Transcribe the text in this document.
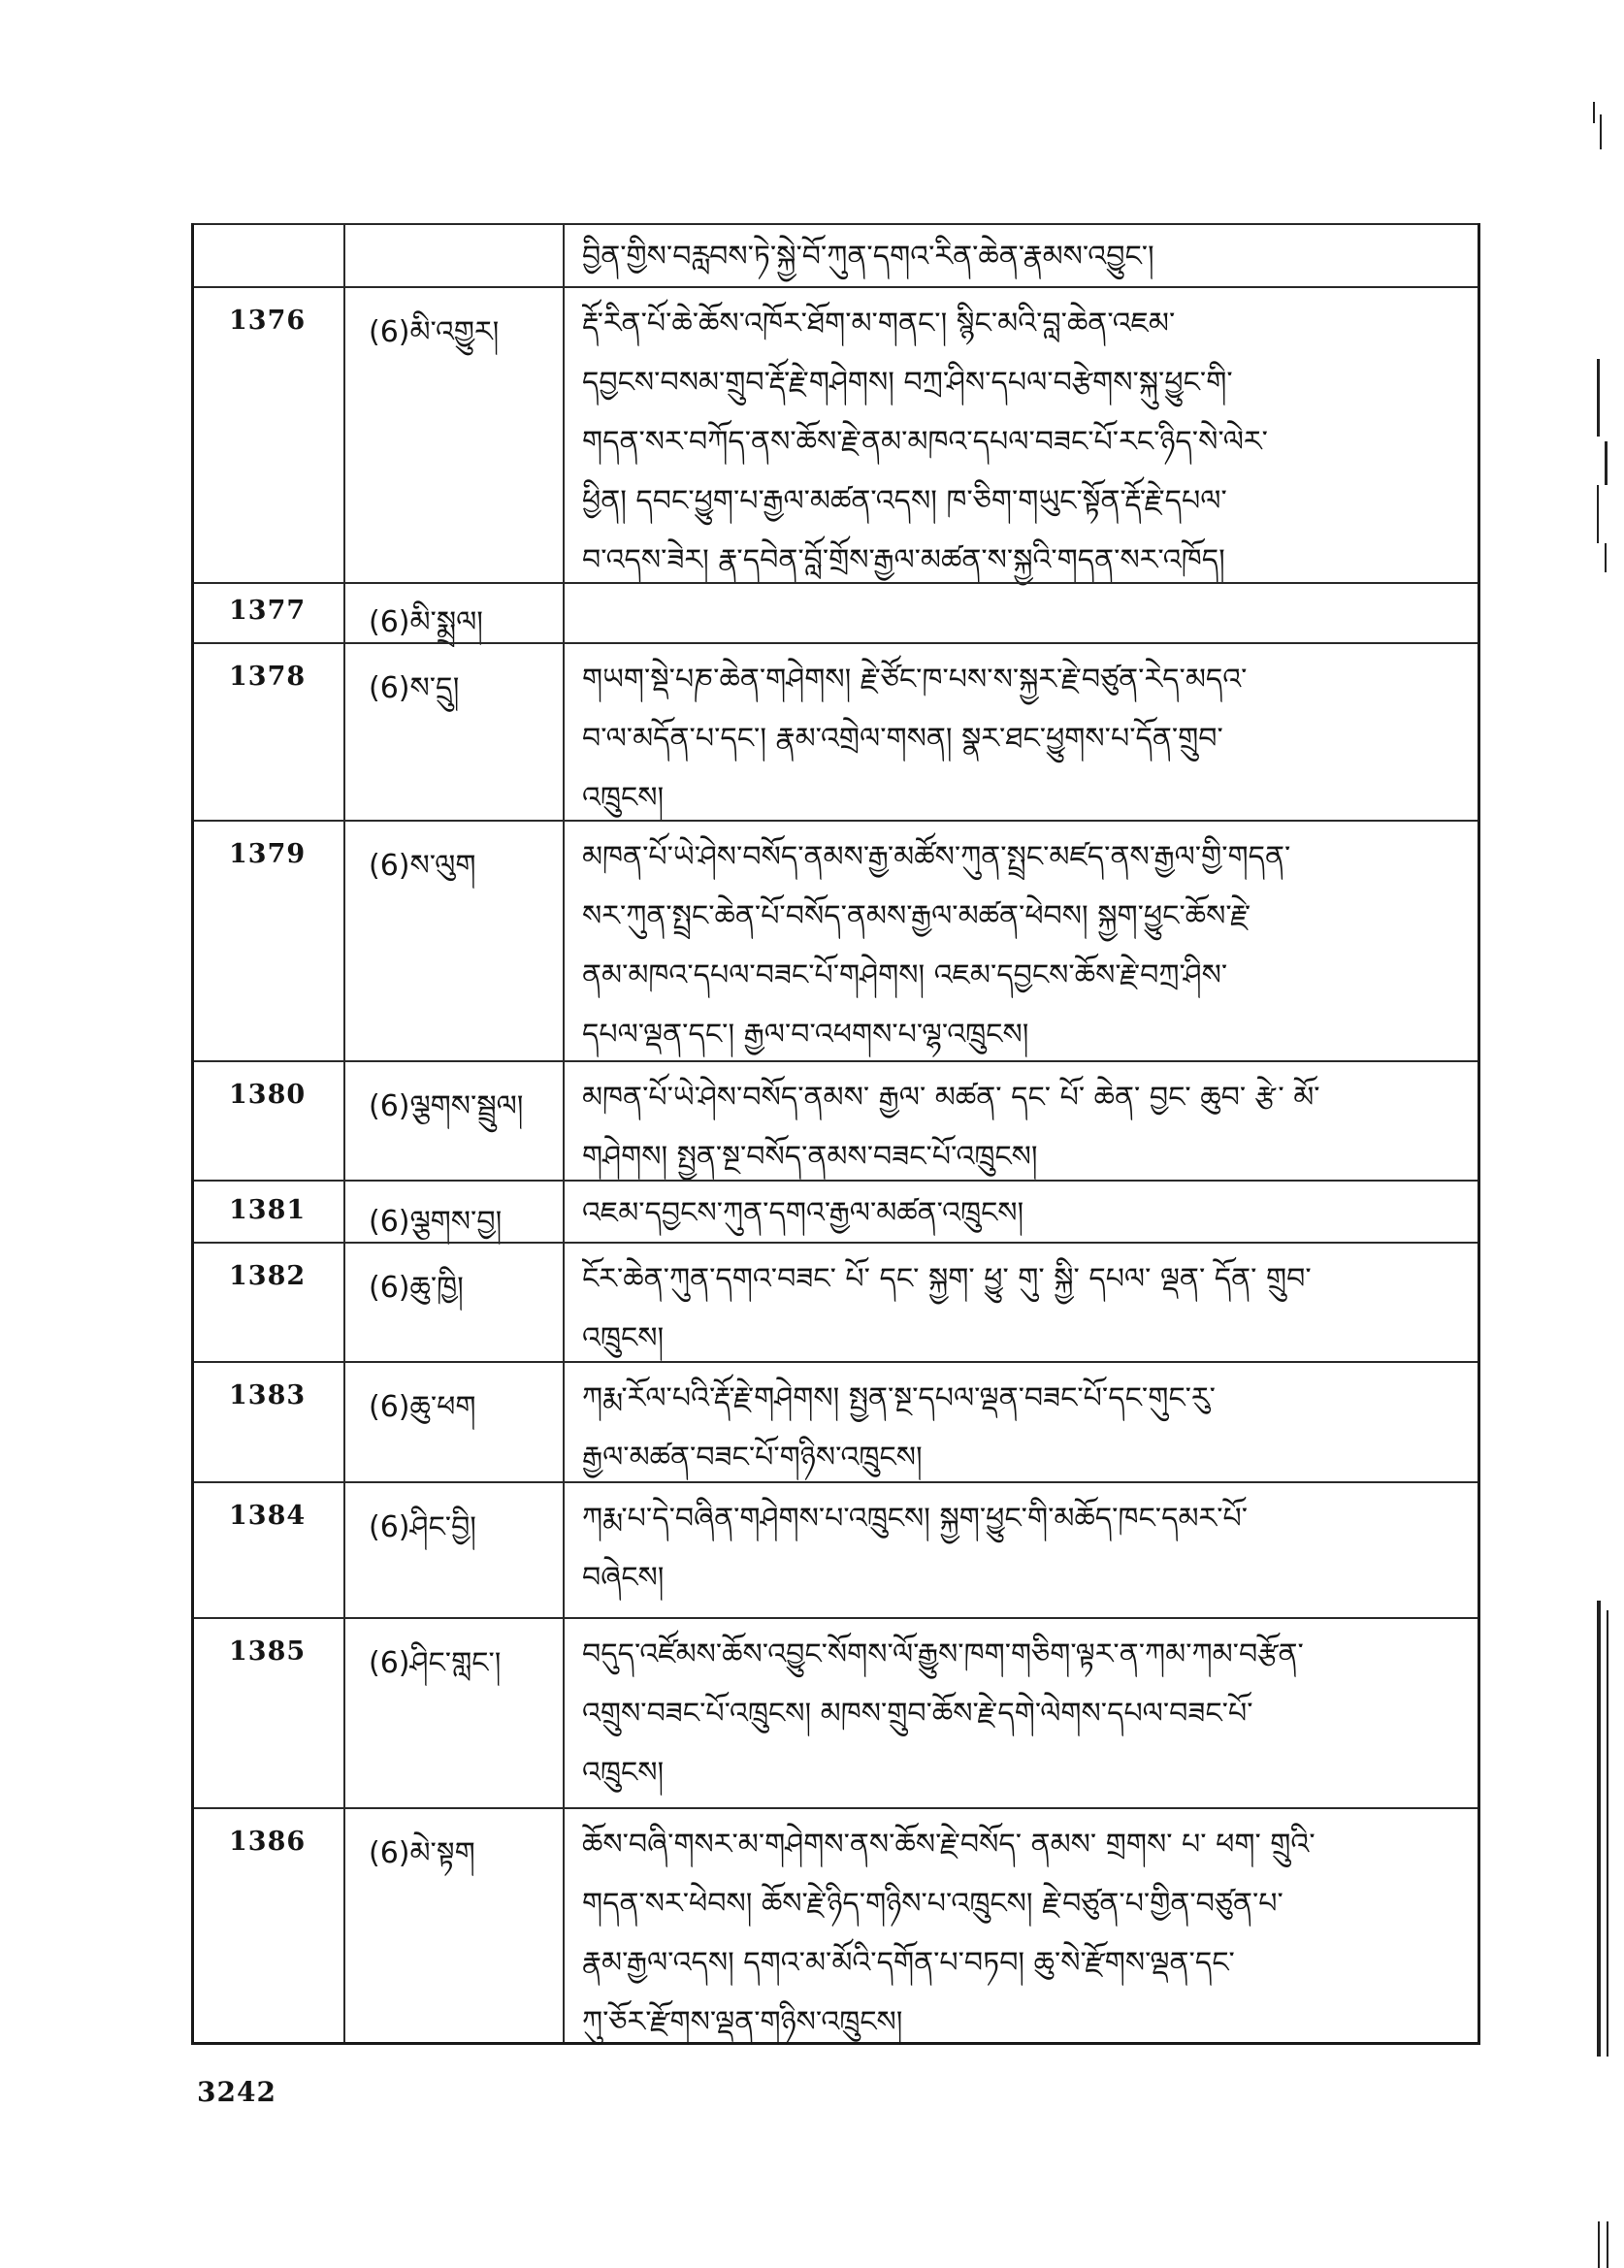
བྱིན་གྱིས་བརླབས་ཏེ་སྐྱེ་བོ་ཀུན་དགའ་རིན་ཆེན་རྣམས་འབྱུང་།
1376 (6)མི་འགྱུར།	རྡོ་རིན་པོ་ཆེ་ཆོས་འཁོར་ཐོག་མ་གནང་། སྙིང་མའི་བླ་ཆེན་འཇམ་
དབྱངས་བསམ་གྲུབ་རྡོ་རྗེ་གཤེགས། བཀྲ་ཤིས་དཔལ་བརྩེགས་སྐུ་ཕྱུང་གི་
གདན་སར་བཀོད་ནས་ཆོས་རྗེ་ནམ་མཁའ་དཔལ་བཟང་པོ་རང་ཉིད་སེ་ལེར་
ཕྱིན། དབང་ཕྱུག་པ་རྒྱལ་མཚན་འདས། ཁ་ཅིག་གཡུང་སྟོན་རྡོ་རྗེ་དཔལ་
བ་འདས་ཟེར། རྣ་དབེན་བློ་གྲོས་རྒྱལ་མཚན་ས་སྐྱའི་གདན་སར་འཁོད།
1377 (6)མི་སྨྲལ།
1378 (6)ས་དྲུ།	གཡག་སྡེ་པཎ་ཆེན་གཤེགས། རྗེ་ཙོང་ཁ་པས་ས་སྐྱར་རྗེ་བཙུན་རེད་མདའ་
བ་ལ་མདོན་པ་དང་། རྣམ་འགྲེལ་གསན། སྣར་ཐང་ཕྱུགས་པ་དོན་གྲུབ་
འཁྲུངས།
1379 (6)ས་ལུག	མཁན་པོ་ཡེ་ཤེས་བསོད་ནམས་རྒྱ་མཚོས་ཀུན་སྤྲང་མཛད་ནས་རྒྱལ་གྱི་གདན་
སར་ཀུན་སྤྲང་ཆེན་པོ་བསོད་ནམས་རྒྱལ་མཚན་ཕེབས། སྐྱག་ཕྱུང་ཆོས་རྗེ་
ནམ་མཁའ་དཔལ་བཟང་པོ་གཤེགས། འཇམ་དབྱངས་ཆོས་རྗེ་བཀྲ་ཤིས་
དཔལ་ལྡན་དང་། རྒྱལ་བ་འཕགས་པ་ལྷ་འཁྲུངས།
1380 (6)ལྕགས་སྦྲུལ། མཁན་པོ་ཡེ་ཤེས་བསོད་ནམས་ རྒྱལ་ མཚན་ དང་ པོ་ ཆེན་ བྱང་ ཆུབ་ རྩེ་ མོ་
གཤེགས། སྤྱན་སྔ་བསོད་ནམས་བཟང་པོ་འཁྲུངས།
1381 (6)ལྕགས་བྱ།	འཇམ་དབྱངས་ཀུན་དགའ་རྒྱལ་མཚན་འཁྲུངས།
1382 (6)ཆུ་ཁྱི།	ངོར་ཆེན་ཀུན་དགའ་བཟང་ པོ་ དང་ སྐྱག་ ཕྱུ་ གུ་ སྐྱི་ དཔལ་ ལྡན་ དོན་ གྲུབ་
འཁྲུངས།
1383 (6)ཆུ་ཕག	ཀརྨ་རོལ་པའི་རྡོ་རྗེ་གཤེགས། སྤྱན་སྔ་དཔལ་ལྡན་བཟང་པོ་དང་གུང་རུ་
རྒྱལ་མཚན་བཟང་པོ་གཉིས་འཁྲུངས།
1384 (6)ཤིང་བྱི།	ཀརྨ་པ་དེ་བཞིན་གཤེགས་པ་འཁྲུངས། སྐྱག་ཕྱུང་གི་མཆོད་ཁང་དམར་པོ་
བཞེངས།
1385 (6)ཤིང་གླང་།	བདུད་འཛོམས་ཆོས་འབྱུང་སོགས་ལོ་རྒྱུས་ཁག་གཅིག་ལྟར་ན་ཀམ་ཀམ་བརྩོན་
འགྲུས་བཟང་པོ་འཁྲུངས། མཁས་གྲུབ་ཆོས་རྗེ་དགེ་ལེགས་དཔལ་བཟང་པོ་
འཁྲུངས།
1386 (6)མེ་སྟག	ཆོས་བཞི་གསར་མ་གཤེགས་ནས་ཆོས་རྗེ་བསོད་ ནམས་ གྲགས་ པ་ ཕག་ གྲུའི་
གདན་སར་ཕེབས། ཆོས་རྗེ་ཉིད་གཉིས་པ་འཁྲུངས། རྗེ་བཙུན་པ་གྱིན་བཙུན་པ་
རྣམ་རྒྱལ་འདས། དགའ་མ་མོའི་དགོན་པ་བཏབ། ཆུ་སེ་རྫོགས་ལྡན་དང་
ཀུ་ཅོར་རྫོགས་ལྡན་གཉིས་འཁྲུངས།
3242
